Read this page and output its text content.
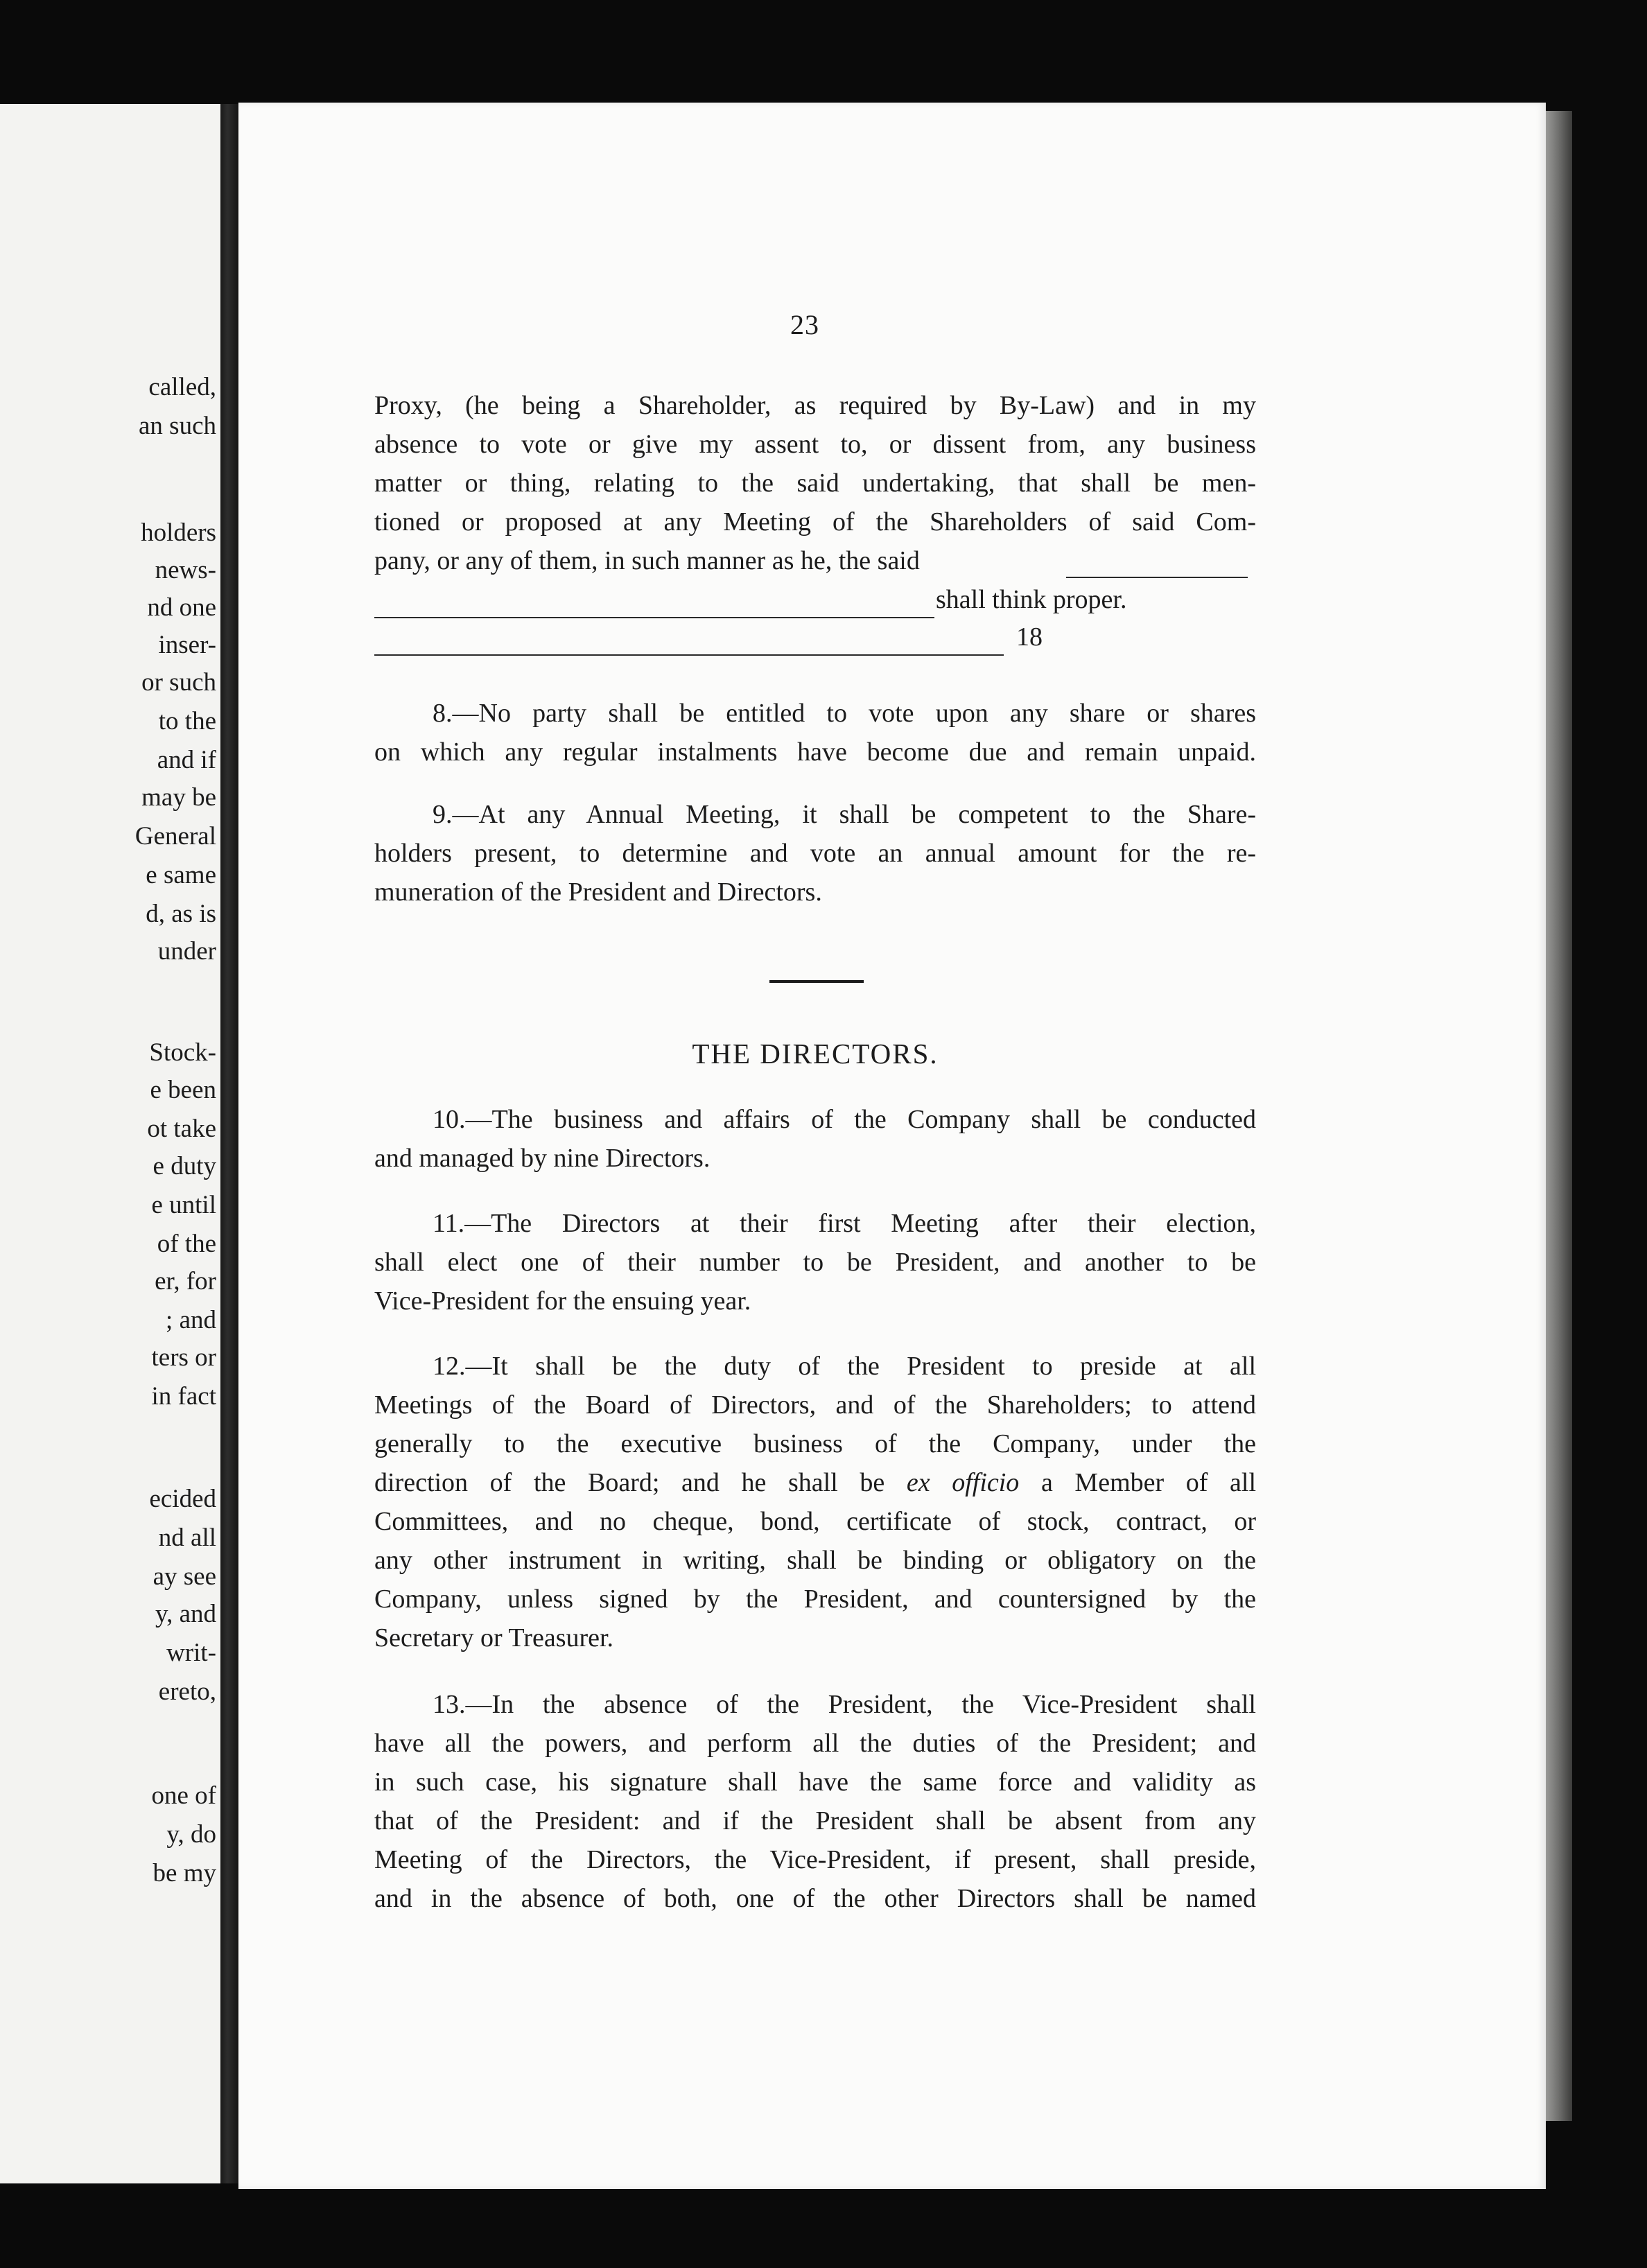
called,
an such
holders
news-
nd one
inser-
or such
to the
and if
may be
General
e same
d, as is
under
Stock-
e been
ot take
e duty
e until
of the
er, for
; and
ters or
in fact
ecided
nd all
ay see
y, and
writ-
ereto,
one of
y, do
be my
23
Proxy, (he being a Shareholder, as required by By-Law) and in my
absence to vote or give my assent to, or dissent from, any business
matter or thing, relating to the said undertaking, that shall be men-
tioned or proposed at any Meeting of the Shareholders of said Com-
pany, or any of them, in such manner as he, the said
shall think proper.
18
8.—No party shall be entitled to vote upon any share or shares
on which any regular instalments have become due and remain unpaid.
9.—At any Annual Meeting, it shall be competent to the Share-
holders present, to determine and vote an annual amount for the re-
muneration of the President and Directors.
THE DIRECTORS.
10.—The business and affairs of the Company shall be conducted
and managed by nine Directors.
11.—The Directors at their first Meeting after their election,
shall elect one of their number to be President, and another to be
Vice-President for the ensuing year.
12.—It shall be the duty of the President to preside at all
Meetings of the Board of Directors, and of the Shareholders; to attend
generally to the executive business of the Company, under the
direction of the Board; and he shall be ex officio a Member of all
Committees, and no cheque, bond, certificate of stock, contract, or
any other instrument in writing, shall be binding or obligatory on the
Company, unless signed by the President, and countersigned by the
Secretary or Treasurer.
13.—In the absence of the President, the Vice-President shall
have all the powers, and perform all the duties of the President; and
in such case, his signature shall have the same force and validity as
that of the President: and if the President shall be absent from any
Meeting of the Directors, the Vice-President, if present, shall preside,
and in the absence of both, one of the other Directors shall be named
